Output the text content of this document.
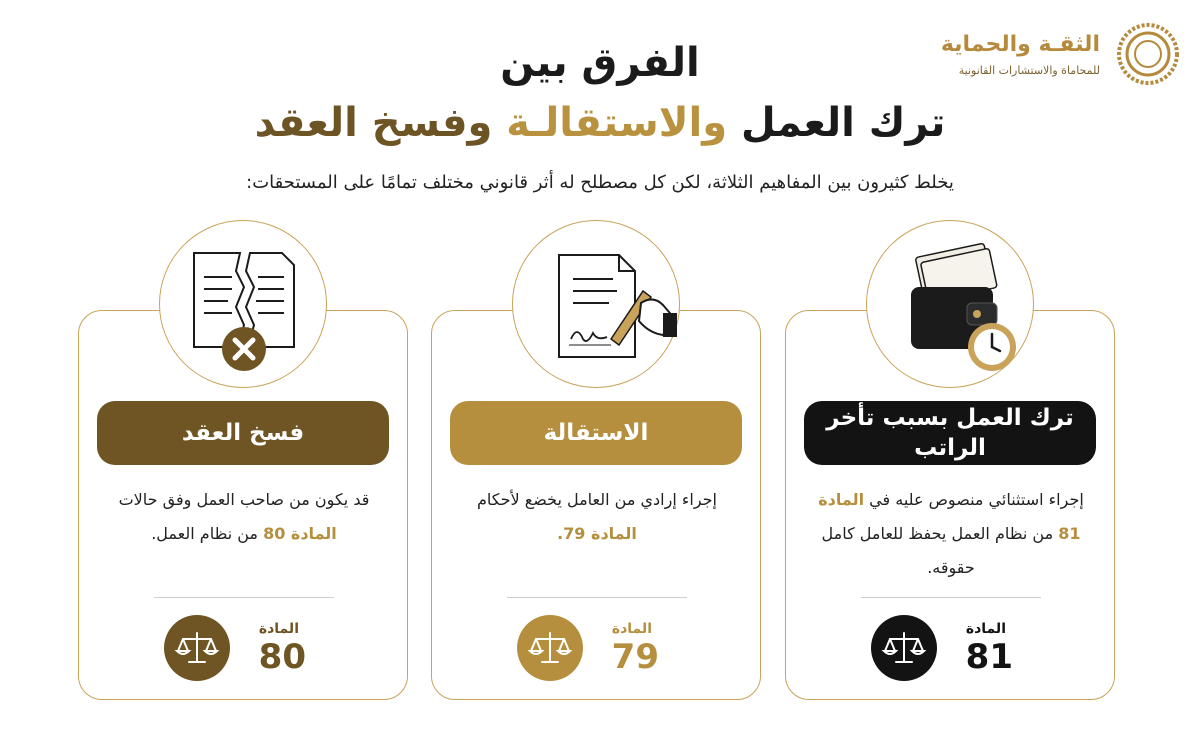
الثقـة والحماية
للمحاماة والاستشارات القانونية
الفرق بين
ترك العمل والاستقالـة وفسخ العقد
يخلط كثيرون بين المفاهيم الثلاثة، لكن كل مصطلح له أثر قانوني مختلف تمامًا على المستحقات:
ترك العمل بسبب تأخر الراتب
إجراء استثنائي منصوص عليه في المادة 81 من نظام العمل يحفظ للعامل كامل حقوقه.
المادة
81
الاستقالة
إجراء إرادي من العامل يخضع لأحكام المادة 79.
المادة
79
فسخ العقد
قد يكون من صاحب العمل وفق حالات المادة 80 من نظام العمل.
المادة
80
